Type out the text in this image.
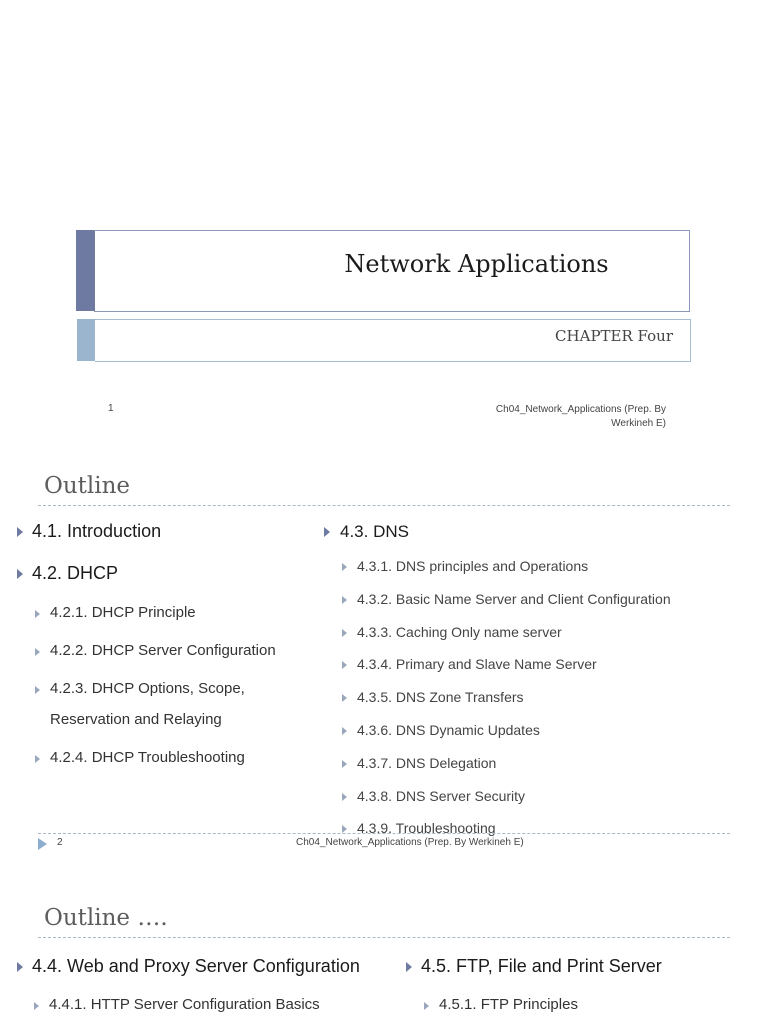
Network Applications
CHAPTER Four
1	Ch04_Network_Applications (Prep. By Werkineh E)
Outline
4.1. Introduction
4.2. DHCP
4.2.1. DHCP Principle
4.2.2. DHCP Server Configuration
4.2.3. DHCP Options, Scope,
Reservation and Relaying
4.2.4. DHCP Troubleshooting
4.3. DNS
4.3.1. DNS principles and Operations
4.3.2. Basic Name Server and Client Configuration
4.3.3. Caching Only name server
4.3.4. Primary and Slave Name Server
4.3.5. DNS Zone Transfers
4.3.6. DNS Dynamic Updates
4.3.7. DNS Delegation
4.3.8. DNS Server Security
4.3.9. Troubleshooting
2	Ch04_Network_Applications (Prep. By Werkineh E)
Outline ….
4.4. Web and Proxy Server Configuration	4.5. FTP, File and Print Server
4.4.1. HTTP Server Configuration Basics	4.5.1. FTP Principles
